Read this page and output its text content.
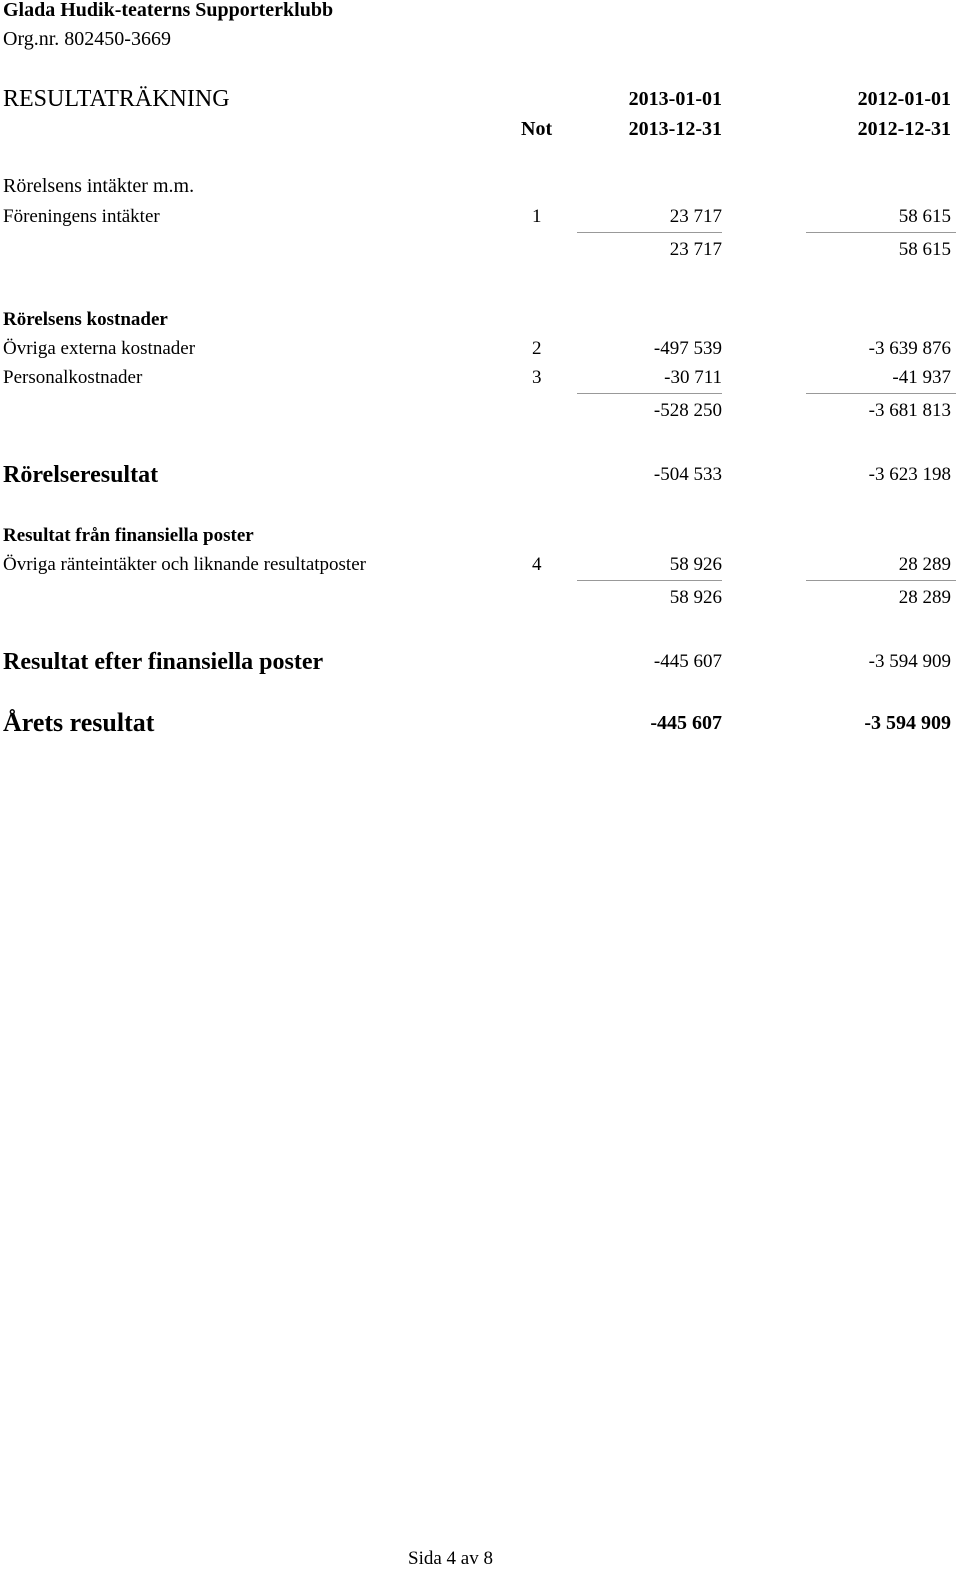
Glada Hudik-teaterns Supporterklubb
Org.nr. 802450-3669
RESULTATRÄKNING	2013-01-01	2012-01-01
Not	2013-12-31	2012-12-31
Rörelsens intäkter m.m.
Föreningens intäkter	1	23 717	58 615
23 717	58 615
Rörelsens kostnader
Övriga externa kostnader	2	-497 539	-3 639 876
Personalkostnader	3	-30 711	-41 937
-528 250	-3 681 813
Rörelseresultat	-504 533	-3 623 198
Resultat från finansiella poster
Övriga ränteintäkter och liknande resultatposter	4	58 926	28 289
58 926	28 289
Resultat efter finansiella poster	-445 607	-3 594 909
Årets resultat	-445 607	-3 594 909
Sida 4 av 8
